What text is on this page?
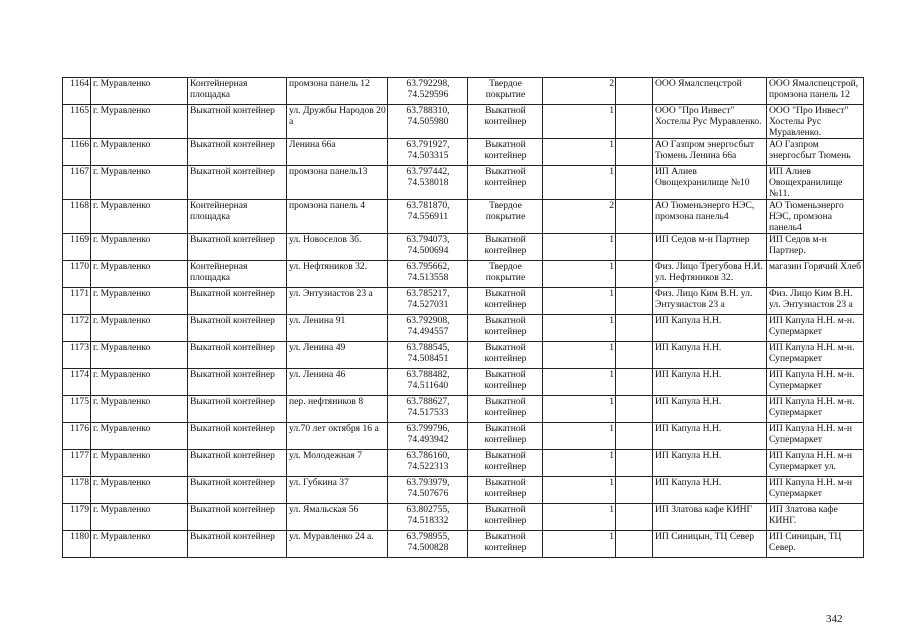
1164	г. Муравленко	Контейнерная площадка	промзона панель 12	63.792298, 74.529596	Твердое покрытие	2		ООО Ямалспецстрой	ООО Ямалспецстрой, промзона панель 12
1165	г. Муравленко	Выкатной контейнер	ул. Дружбы Народов 20 а	63.788310, 74.505980	Выкатной контейнер	1		ООО "Про Инвест" Хостелы Рус Муравленко.	ООО "Про Инвест" Хостелы Рус Муравленко.
1166	г. Муравленко	Выкатной контейнер	Ленина 66а	63.791927, 74.503315	Выкатной контейнер	1		АО Газпром энергосбыт Тюмень Ленина 66а	АО Газпром энергосбыт Тюмень
1167	г. Муравленко	Выкатной контейнер	промзона панель13	63.797442, 74.538018	Выкатной контейнер	1		ИП Алиев Овощехранилище №10	ИП Алиев Овощехранилище №11.
1168	г. Муравленко	Контейнерная площадка	промзона панель 4	63.781870, 74.556911	Твердое покрытие	2		АО Тюменьэнерго НЭС, промзона панель4	АО Тюменьэнерго НЭС, промзона панель4
1169	г. Муравленко	Выкатной контейнер	ул. Новоселов 3б.	63.794073, 74.500694	Выкатной контейнер	1		ИП Седов м-н Партнер	ИП Седов м-н Партнер.
1170	г. Муравленко	Контейнерная площадка	ул. Нефтяников 32.	63.795662, 74.513558	Твердое покрытие	1		Физ. Лицо Трегубова Н.И. ул. Нефтяников 32.	магазин Горячий Хлеб
1171	г. Муравленко	Выкатной контейнер	ул. Энтузиастов 23 а	63.785217, 74.527031	Выкатной контейнер	1		Физ. Лицо Ким В.Н. ул. Энтузиастов 23 а	Физ. Лицо Ким В.Н. ул. Энтузиастов 23 а
1172	г. Муравленко	Выкатной контейнер	ул. Ленина 91	63.792908, 74.494557	Выкатной контейнер	1		ИП Капула Н.Н.	ИП Капула Н.Н. м-н. Супермаркет
1173	г. Муравленко	Выкатной контейнер	ул. Ленина 49	63.788545, 74.508451	Выкатной контейнер	1		ИП Капула Н.Н.	ИП Капула Н.Н. м-н. Супермаркет
1174	г. Муравленко	Выкатной контейнер	ул. Ленина 46	63.788482, 74.511640	Выкатной контейнер	1		ИП Капула Н.Н.	ИП Капула Н.Н. м-н. Супермаркет
1175	г. Муравленко	Выкатной контейнер	пер. нефтяников 8	63.788627, 74.517533	Выкатной контейнер	1		ИП Капула Н.Н.	ИП Капула Н.Н. м-н. Супермаркет
1176	г. Муравленко	Выкатной контейнер	ул.70 лет октября 16 а	63.799796, 74.493942	Выкатной контейнер	1		ИП Капула Н.Н.	ИП Капула Н.Н. м-н Супермаркет
1177	г. Муравленко	Выкатной контейнер	ул. Молодежная 7	63.786160, 74.522313	Выкатной контейнер	1		ИП Капула Н.Н.	ИП Капула Н.Н. м-н Супермаркет ул.
1178	г. Муравленко	Выкатной контейнер	ул. Губкина 37	63.793979, 74.507676	Выкатной контейнер	1		ИП Капула Н.Н.	ИП Капула Н.Н. м-н Супермаркет
1179	г. Муравленко	Выкатной контейнер	ул. Ямальская 56	63.802755, 74.518332	Выкатной контейнер	1		ИП Златова кафе КИНГ	ИП Златова кафе КИНГ.
1180	г. Муравленко	Выкатной контейнер	ул. Муравленко 24 а.	63.798955, 74.500828	Выкатной контейнер	1		ИП Синицын, ТЦ Север	ИП Синицын, ТЦ Север.
342
